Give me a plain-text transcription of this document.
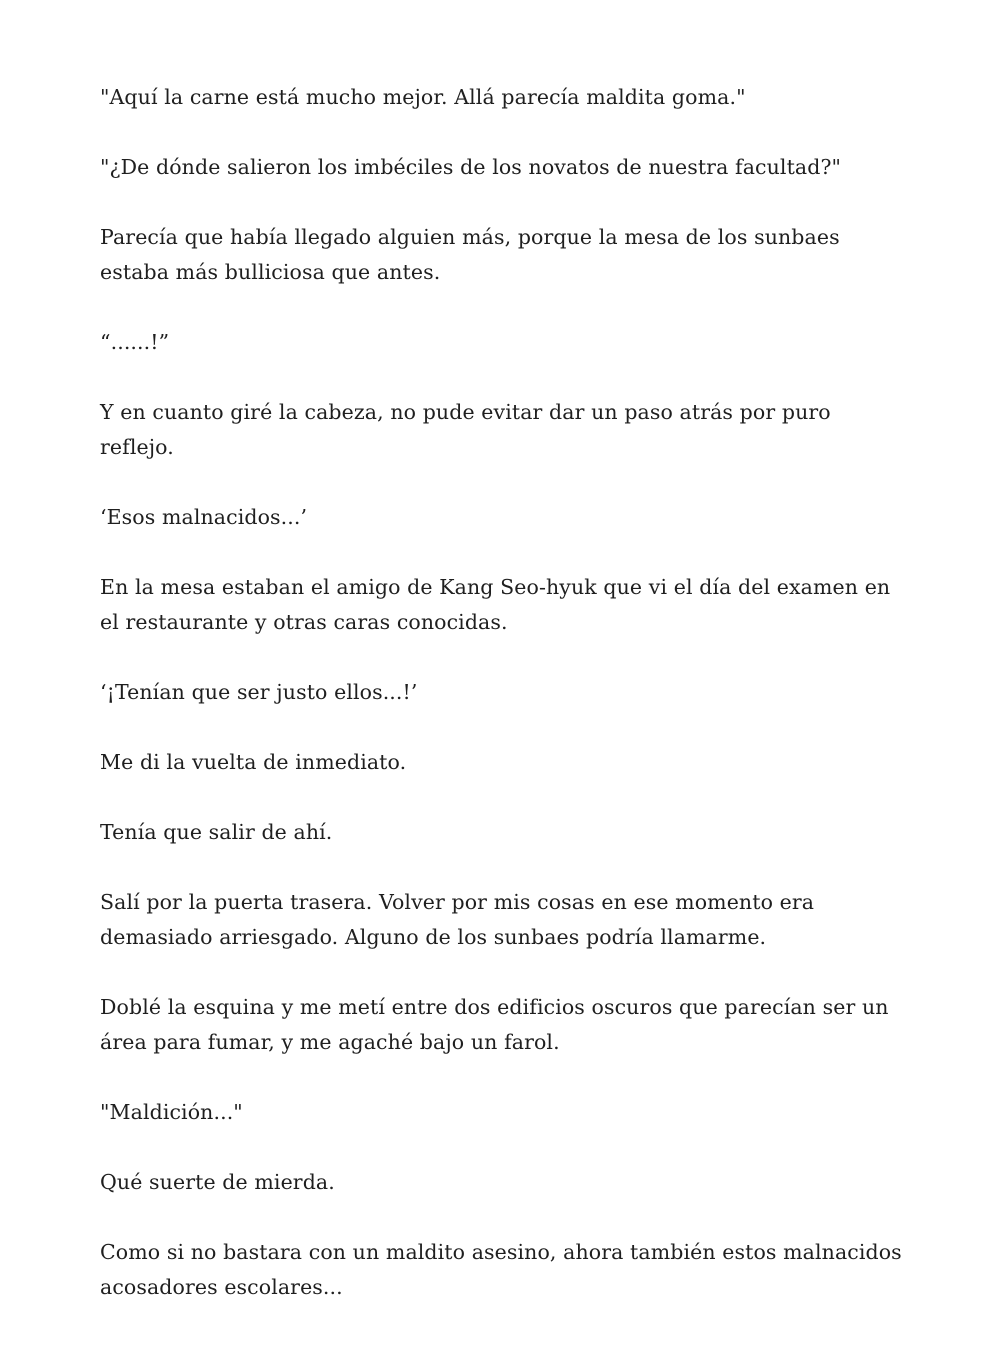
"Aquí la carne está mucho mejor. Allá parecía maldita goma."

"¿De dónde salieron los imbéciles de los novatos de nuestra facultad?"

Parecía que había llegado alguien más, porque la mesa de los sunbaes estaba más bulliciosa que antes.

“......!”

Y en cuanto giré la cabeza, no pude evitar dar un paso atrás por puro reflejo.

‘Esos malnacidos...’

En la mesa estaban el amigo de Kang Seo-hyuk que vi el día del examen en el restaurante y otras caras conocidas.

‘¡Tenían que ser justo ellos...!’

Me di la vuelta de inmediato.

Tenía que salir de ahí.

Salí por la puerta trasera. Volver por mis cosas en ese momento era demasiado arriesgado. Alguno de los sunbaes podría llamarme.

Doblé la esquina y me metí entre dos edificios oscuros que parecían ser un área para fumar, y me agaché bajo un farol.

"Maldición..."

Qué suerte de mierda.

Como si no bastara con un maldito asesino, ahora también estos malnacidos acosadores escolares...
